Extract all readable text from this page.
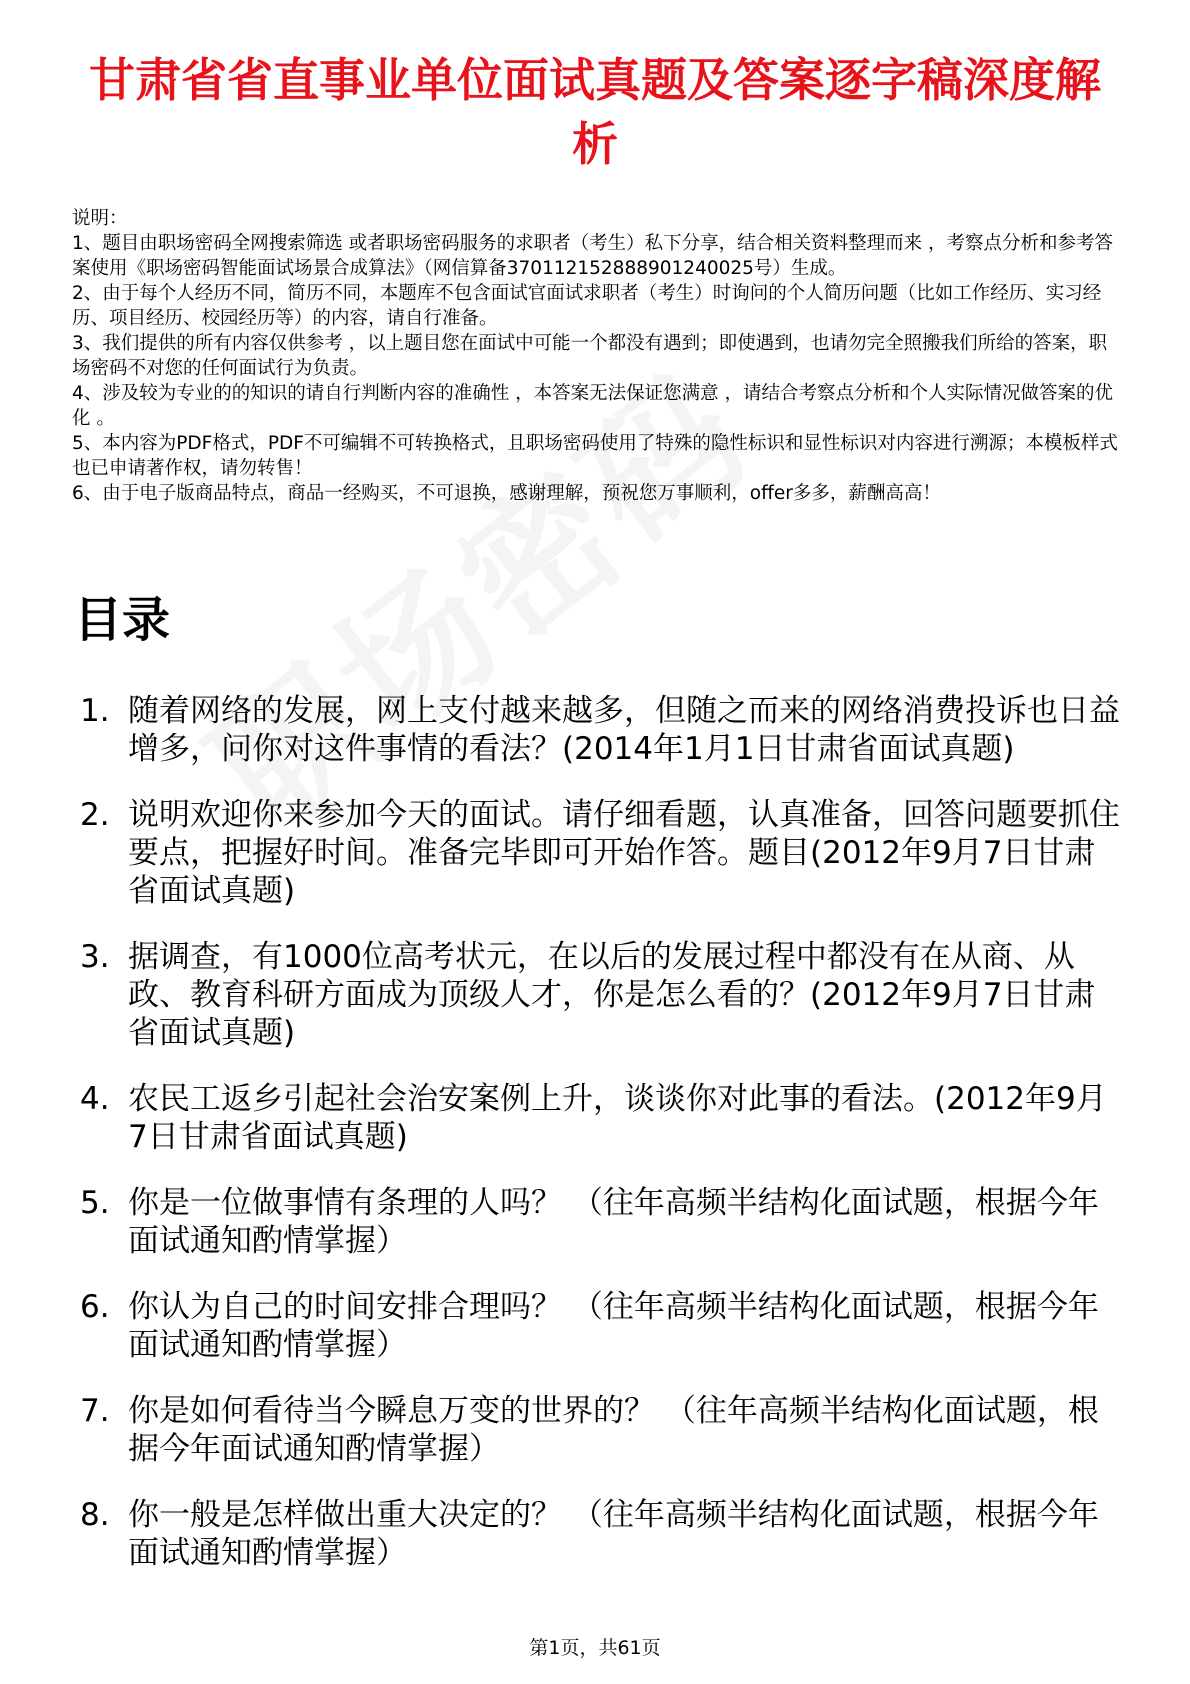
甘肃省省直事业单位面试真题及答案逐字稿深度解析
说明：
1、题目由职场密码全网搜索筛选 或者职场密码服务的求职者（考生）私下分享，结合相关资料整理而来 ，考察点分析和参考答案使用《职场密码智能面试场景合成算法》（网信算备370112152888901240025号）生成。
2、由于每个人经历不同，简历不同，本题库不包含面试官面试求职者（考生）时询问的个人简历问题（比如工作经历、实习经历、项目经历、校园经历等）的内容，请自行准备。
3、我们提供的所有内容仅供参考 ，以上题目您在面试中可能一个都没有遇到；即使遇到，也请勿完全照搬我们所给的答案，职场密码不对您的任何面试行为负责。
4、涉及较为专业的的知识的请自行判断内容的准确性 ，本答案无法保证您满意 ，请结合考察点分析和个人实际情况做答案的优化 。
5、本内容为PDF格式，PDF不可编辑不可转换格式，且职场密码使用了特殊的隐性标识和显性标识对内容进行溯源；本模板样式也已申请著作权，请勿转售！
6、由于电子版商品特点，商品一经购买，不可退换，感谢理解，预祝您万事顺利，offer多多，薪酬高高！
目录
1. 随着网络的发展，网上支付越来越多，但随之而来的网络消费投诉也日益增多，问你对这件事情的看法？(2014年1月1日甘肃省面试真题)
2. 说明欢迎你来参加今天的面试。请仔细看题，认真准备，回答问题要抓住要点，把握好时间。准备完毕即可开始作答。题目(2012年9月7日甘肃省面试真题)
3. 据调查，有1000位高考状元，在以后的发展过程中都没有在从商、从政、教育科研方面成为顶级人才，你是怎么看的？(2012年9月7日甘肃省面试真题)
4. 农民工返乡引起社会治安案例上升，谈谈你对此事的看法。(2012年9月7日甘肃省面试真题)
5. 你是一位做事情有条理的人吗？ （往年高频半结构化面试题，根据今年面试通知酌情掌握）
6. 你认为自己的时间安排合理吗？ （往年高频半结构化面试题，根据今年面试通知酌情掌握）
7. 你是如何看待当今瞬息万变的世界的？ （往年高频半结构化面试题，根据今年面试通知酌情掌握）
8. 你一般是怎样做出重大决定的？ （往年高频半结构化面试题，根据今年面试通知酌情掌握）
第1页，共61页
